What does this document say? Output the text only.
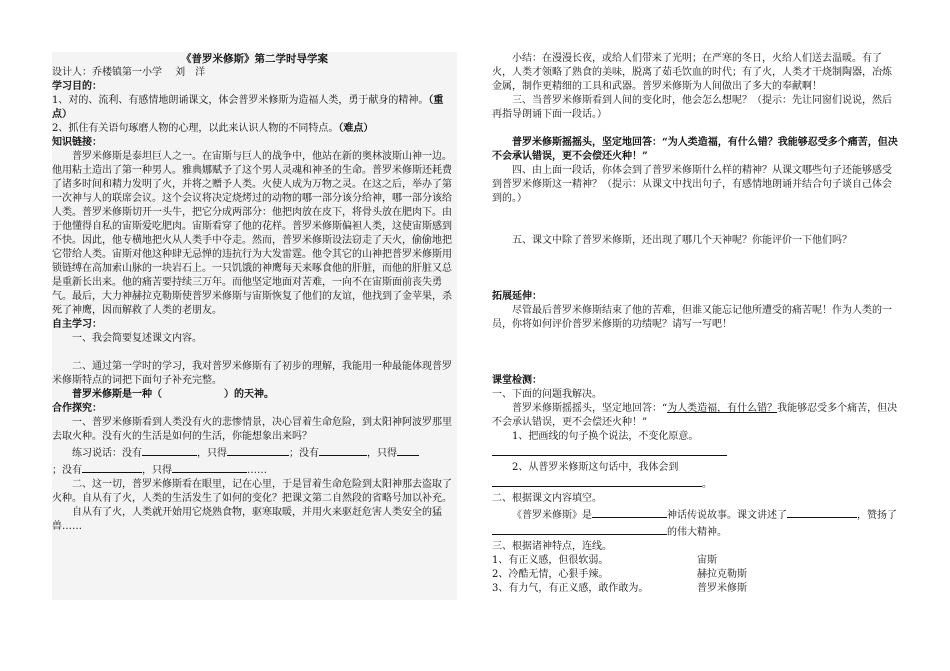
《普罗米修斯》第二学时导学案

设计人：乔楼镇第一小学　 刘　洋

学习目的：

1、对的、流利、有感情地朗诵课文，体会普罗米修斯为造福人类，勇于献身的精神。（重点）

2、抓住有关语句琢磨人物的心理，以此来认识人物的不同特点。（难点）

知识链接：

普罗米修斯是泰坦巨人之一。在宙斯与巨人的战争中，他站在新的奥林波斯山神一边。他用粘土造出了第一种男人。雅典娜赋予了这个男人灵魂和神圣的生命。普罗米修斯还耗费了诸多时间和精力发明了火，并将之赠予人类。火使人成为万物之灵。在这之后，举办了第一次神与人的联席会议。这个会议将决定烧烤过的动物的哪一部分该分给神，哪一部分该给人类。普罗米修斯切开一头牛，把它分成两部分：他把肉放在皮下，将骨头放在肥肉下。由于他懂得自私的宙斯爱吃肥肉。宙斯看穿了他的花样。普罗米修斯偏袒人类，这使宙斯感到不快。因此，他专横地把火从人类手中夺走。然而，普罗米修斯设法窃走了天火，偷偷地把它带给人类。宙斯对他这种肆无忌惮的违抗行为大发雷霆。他令其它的山神把普罗米修斯用锁链缚在高加索山脉的一块岩石上。一只饥饿的神鹰每天来啄食他的肝脏，而他的肝脏又总是重新长出来。他的痛苦要持续三万年。而他坚定地面对苦难，一向不在宙斯面前丧失勇气。最后，大力神赫拉克勒斯使普罗米修斯与宙斯恢复了他们的友谊，他找到了金苹果，杀死了神鹰，因而解救了人类的老朋友。

自主学习：

一、我会简要复述课文内容。

二、通过第一学时的学习，我对普罗米修斯有了初步的理解，我能用一种最能体现普罗米修斯特点的词把下面句子补充完整。

普罗米修斯是一种（	）的天神。

合作探究：

一、普罗米修斯看到人类没有火的悲惨情景，决心冒着生命危险，到太阳神阿波罗那里去取火种。没有火的生活是如何的生活，你能想象出来吗？

练习说话：没有	，只得	；没有	，只得

；没有	，只得	……

二、这一切，普罗米修斯看在眼里，记在心里，于是冒着生命危险到太阳神那去盗取了火种。自从有了火，人类的生活发生了如何的变化？把课文第二自然段的省略号加以补充。

自从有了火，人类就开始用它烧熟食物，驱寒取暖，并用火来驱赶危害人类安全的猛兽……

小结：在漫漫长夜，或给人们带来了光明；在严寒的冬日，火给人们送去温暖。有了火，人类才领略了熟食的美味，脱离了茹毛饮血的时代；有了火，人类才干烧制陶器，冶炼金属，制作更精细的工具和武器。普罗米修斯为人间做出了多大的奉献啊！

三、当普罗米修斯看到人间的变化时，他会怎么想呢？（提示：先让同窗们说说，然后再指导朗诵下面一段话。）

普罗米修斯摇摇头，坚定地回答：“为人类造福，有什么错？我能够忍受多个痛苦，但决不会承认错误，更不会偿还火种！”

四、由上面一段话，你体会到了普罗米修斯什么样的精神？从课文哪些句子还能够感受到普罗米修斯这一精神？（提示：从课文中找出句子，有感情地朗诵并结合句子谈自己体会到的。）

五、课文中除了普罗米修斯，还出现了哪几个天神呢？你能评价一下他们吗？

拓展延伸：

尽管最后普罗米修斯结束了他的苦难，但谁又能忘记他所遭受的痛苦呢！作为人类的一员，你将如何评价普罗米修斯的功绩呢？请写一写吧！

课堂检测：

一、下面的问题我解决。

普罗米修斯摇摇头，坚定地回答：“为人类造福，有什么错？我能够忍受多个痛苦，但决不会承认错误，更不会偿还火种！”

1、把画线的句子换个说法，不变化原意。

2、从普罗米修斯这句话中，我体会到

。

二、根据课文内容填空。

《普罗米修斯》是	神话传说故事。课文讲述了	，赞扬了的伟大精神。

三、根据诸神特点，连线。

1、有正义感，但很软弱。	宙斯
2、冷酷无情，心狠手辣。	赫拉克勒斯
3、有力气，有正义感，敢作敢为。	普罗米修斯
